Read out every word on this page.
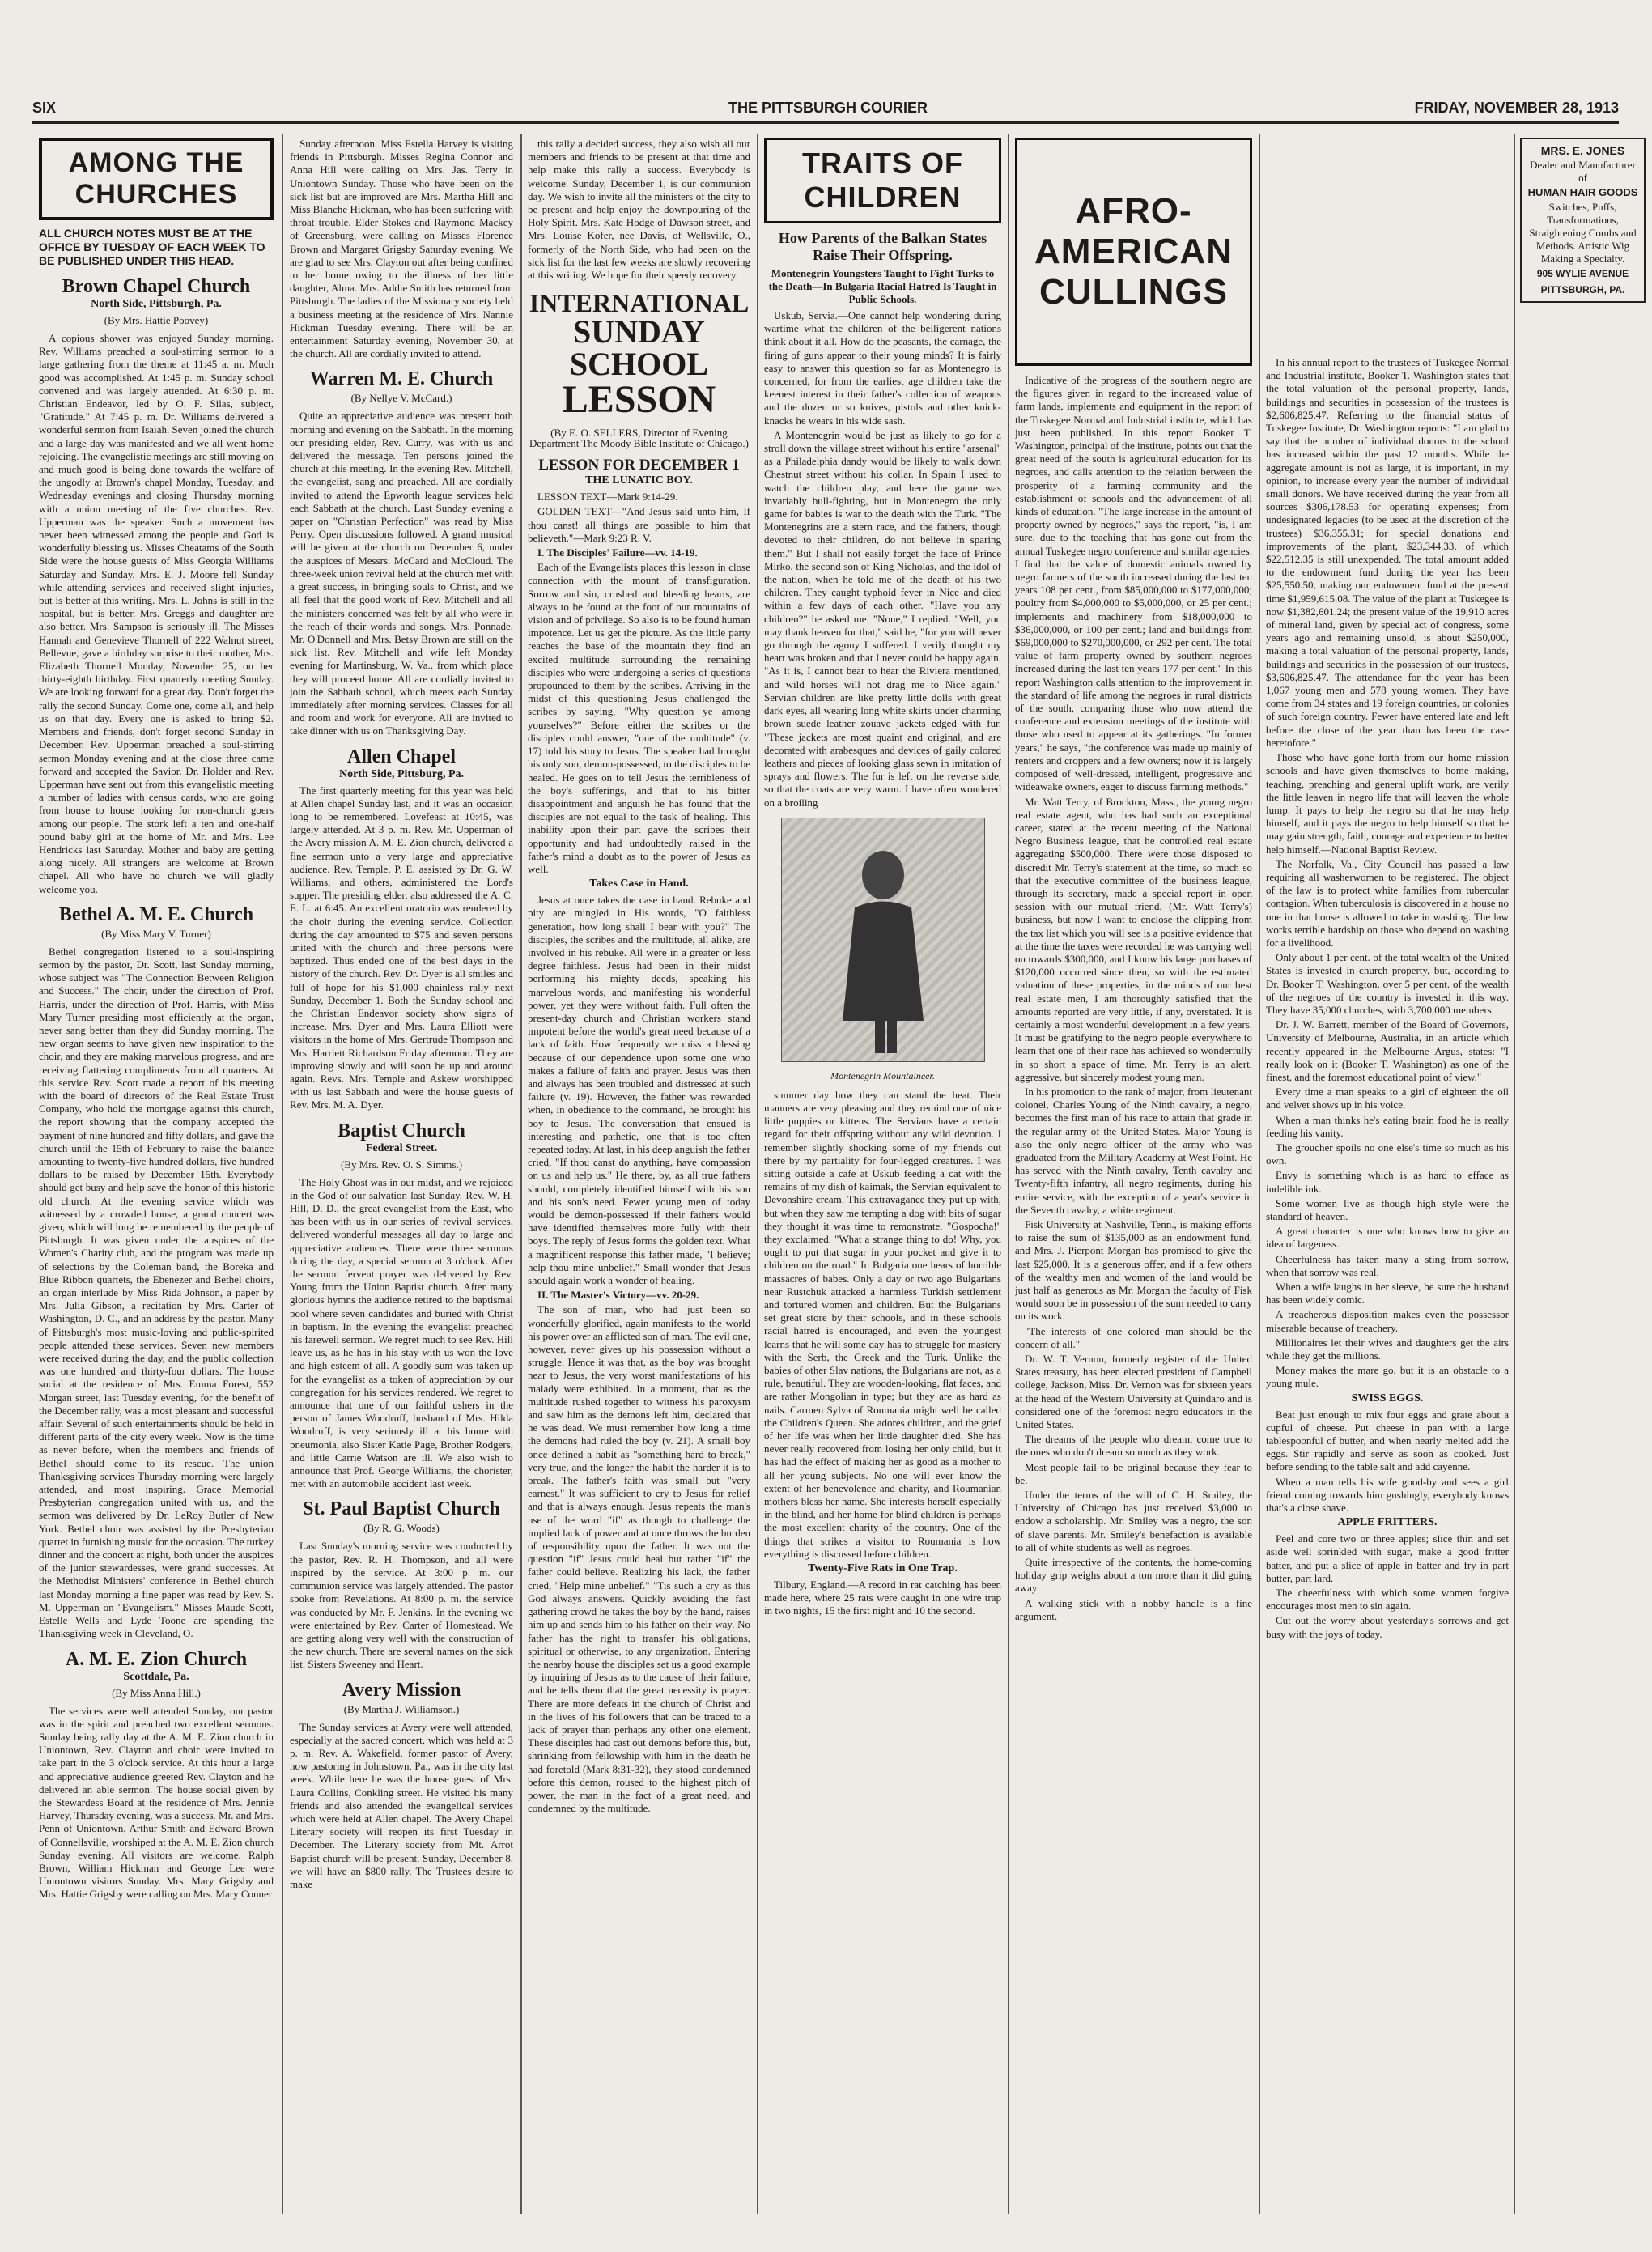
SIX	THE PITTSBURGH COURIER	FRIDAY, NOVEMBER 28, 1913
AMONG THE CHURCHES
ALL CHURCH NOTES MUST BE AT THE OFFICE BY TUESDAY OF EACH WEEK TO BE PUBLISHED UNDER THIS HEAD.
Brown Chapel Church
North Side, Pittsburgh, Pa.
(By Mrs. Hattie Poovey)

A copious shower was enjoyed Sunday morning. Rev. Williams preached a soul-stirring sermon to a large gathering from the theme at 11:45 a. m. Much good was accomplished. At 1:45 p. m. Sunday school convened and was largely attended. At 6:30 p. m. Christian Endeavor, led by O. F. Silas, subject, "Gratitude." At 7:45 p. m. Dr. Williams delivered a wonderful sermon from Isaiah. Seven joined the church and a large day was manifested and we all went home rejoicing. The evangelistic meetings are still moving on and much good is being done towards the welfare of the ungodly at Brown's chapel Monday, Tuesday, and Wednesday evenings and closing Thursday morning with a union meeting of the five churches. Rev. Upperman was the speaker. Such a movement has never been witnessed among the people and God is wonderfully blessing us. Misses Cheatams of the South Side were the house guests of Miss Georgia Williams Saturday and Sunday. Mrs. E. J. Moore fell Sunday while attending services and received slight injuries, but is better at this writing. Mrs. L. Johns is still in the hospital, but is better. Mrs. Greggs and daughter are also better. Mrs. Sampson is seriously ill. The Misses Hannah and Genevieve Thornell of 222 Walnut street, Bellevue, gave a birthday surprise to their mother, Mrs. Elizabeth Thornell Monday, November 25, on her thirty-eighth birthday. First quarterly meeting Sunday. We are looking forward for a great day. Don't forget the rally the second Sunday. Come one, come all, and help us on that day. Every one is asked to bring $2. Members and friends, don't forget second Sunday in December. Rev. Upperman preached a soul-stirring sermon Monday evening and at the close three came forward and accepted the Savior. Dr. Holder and Rev. Upperman have sent out from this evangelistic meeting a number of ladies with census cards, who are going from house to house looking for non-church goers among our people. The stork left a ten and one-half pound baby girl at the home of Mr. and Mrs. Lee Hendricks last Saturday. Mother and baby are getting along nicely. All strangers are welcome at Brown chapel. All who have no church we will gladly welcome you.

Bethel A. M. E. Church
(By Miss Mary V. Turner)

Bethel congregation listened to a soul-inspiring sermon by the pastor, Dr. Scott, last Sunday morning, whose subject was "The Connection Between Religion and Success." The choir, under the direction of Prof. Harris, under the direction of Prof. Harris, with Miss Mary Turner presiding most efficiently at the organ, never sang better than they did Sunday morning. The new organ seems to have given new inspiration to the choir, and they are making marvelous progress, and are receiving flattering compliments from all quarters. At this service Rev. Scott made a report of his meeting with the board of directors of the Real Estate Trust Company, who hold the mortgage against this church, the report showing that the company accepted the payment of nine hundred and fifty dollars, and gave the church until the 15th of February to raise the balance amounting to twenty-five hundred dollars, five hundred dollars to be raised by December 15th. Everybody should get busy and help save the honor of this historic old church. At the evening service which was witnessed by a crowded house, a grand concert was given, which will long be remembered by the people of Pittsburgh. It was given under the auspices of the Women's Charity club, and the program was made up of selections by the Coleman band, the Boreka and Blue Ribbon quartets, the Ebenezer and Bethel choirs, an organ interlude by Miss Rida Johnson, a paper by Mrs. Julia Gibson, a recitation by Mrs. Carter of Washington, D. C., and an address by the pastor. Many of Pittsburgh's most music-loving and public-spirited people attended these services. Seven new members were received during the day, and the public collection was one hundred and thirty-four dollars. The house social at the residence of Mrs. Emma Forest, 552 Morgan street, last Tuesday evening, for the benefit of the December rally, was a most pleasant and successful affair. Several of such entertainments should be held in different parts of the city every week. Now is the time as never before, when the members and friends of Bethel should come to its rescue. The union Thanksgiving services Thursday morning were largely attended, and most inspiring. Grace Memorial Presbyterian congregation united with us, and the sermon was delivered by Dr. LeRoy Butler of New York. Bethel choir was assisted by the Presbyterian quartet in furnishing music for the occasion. The turkey dinner and the concert at night, both under the auspices of the junior stewardesses, were grand successes. At the Methodist Ministers' conference in Bethel church last Monday morning a fine paper was read by Rev. S. M. Upperman on "Evangelism." Misses Maude Scott, Estelle Wells and Lyde Toone are spending the Thanksgiving week in Cleveland, O.

A. M. E. Zion Church
Scottdale, Pa.
(By Miss Anna Hill.)

The services were well attended Sunday, our pastor was in the spirit and preached two excellent sermons. Sunday being rally day at the A. M. E. Zion church in Uniontown, Rev. Clayton and choir were invited to take part in the 3 o'clock service. At this hour a large and appreciative audience greeted Rev. Clayton and he delivered an able sermon. The house social given by the Stewardess Board at the residence of Mrs. Jennie Harvey, Thursday evening, was a success. Mr. and Mrs. Penn of Uniontown, Arthur Smith and Edward Brown of Connellsville, worshiped at the A. M. E. Zion church Sunday evening. All visitors are welcome. Ralph Brown, William Hickman and George Lee were Uniontown visitors Sunday. Mrs. Mary Grigsby and Mrs. Hattie Grigsby were calling on Mrs. Mary Conner

Sunday afternoon. Miss Estella Harvey is visiting friends in Pittsburgh. Misses Regina Connor and Anna Hill were calling on Mrs. Jas. Terry in Uniontown Sunday. Those who have been on the sick list but are improved are Mrs. Martha Hill and Miss Blanche Hickman, who has been suffering with throat trouble. Elder Stokes and Raymond Mackey of Greensburg, were calling on Misses Florence Brown and Margaret Grigsby Saturday evening. We are glad to see Mrs. Clayton out after being confined to her home owing to the illness of her little daughter, Alma. Mrs. Addie Smith has returned from Pittsburgh. The ladies of the Missionary society held a business meeting at the residence of Mrs. Nannie Hickman Tuesday evening. There will be an entertainment Saturday evening, November 30, at the church. All are cordially invited to attend.

Warren M. E. Church
(By Nellye V. McCard.)

Quite an appreciative audience was present both morning and evening on the Sabbath. In the morning our presiding elder, Rev. Curry, was with us and delivered the message. Ten persons joined the church at this meeting. In the evening Rev. Mitchell, the evangelist, sang and preached. All are cordially invited to attend the Epworth league services held each Sabbath at the church. Last Sunday evening a paper on "Christian Perfection" was read by Miss Perry. Open discussions followed. A grand musical will be given at the church on December 6, under the auspices of Messrs. McCard and McCloud. The three-week union revival held at the church met with a great success, in bringing souls to Christ, and we all feel that the good work of Rev. Mitchell and all the ministers concerned was felt by all who were in the reach of their words and songs. Mrs. Ponnade, Mr. O'Donnell and Mrs. Betsy Brown are still on the sick list. Rev. Mitchell and wife left Monday evening for Martinsburg, W. Va., from which place they will proceed home. All are cordially invited to join the Sabbath school, which meets each Sunday immediately after morning services. Classes for all and room and work for everyone. All are invited to take dinner with us on Thanksgiving Day.

Allen Chapel
North Side, Pittsburg, Pa.

The first quarterly meeting for this year was held at Allen chapel Sunday last, and it was an occasion long to be remembered. Lovefeast at 10:45, was largely attended. At 3 p. m. Rev. Mr. Upperman of the Avery mission A. M. E. Zion church, delivered a fine sermon unto a very large and appreciative audience. Rev. Temple, P. E. assisted by Dr. G. W. Williams, and others, administered the Lord's supper. The presiding elder, also addressed the A. C. E. L. at 6:45. An excellent oratorio was rendered by the choir during the evening service. Collection during the day amounted to $75 and seven persons united with the church and three persons were baptized. Thus ended one of the best days in the history of the church. Rev. Dr. Dyer is all smiles and full of hope for his $1,000 chainless rally next Sunday, December 1. Both the Sunday school and the Christian Endeavor society show signs of increase. Mrs. Dyer and Mrs. Laura Elliott were visitors in the home of Mrs. Gertrude Thompson and Mrs. Harriett Richardson Friday afternoon. They are improving slowly and will soon be up and around again. Revs. Mrs. Temple and Askew worshipped with us last Sabbath and were the house guests of Rev. Mrs. M. A. Dyer.

Baptist Church
Federal Street.
(By Mrs. Rev. O. S. Simms.)

The Holy Ghost was in our midst, and we rejoiced in the God of our salvation last Sunday. Rev. W. H. Hill, D. D., the great evangelist from the East, who has been with us in our series of revival services, delivered wonderful messages all day to large and appreciative audiences. There were three sermons during the day, a special sermon at 3 o'clock. After the sermon fervent prayer was delivered by Rev. Young from the Union Baptist church. After many glorious hymns the audience retired to the baptismal pool where seven candidates and buried with Christ in baptism. In the evening the evangelist preached his farewell sermon. We regret much to see Rev. Hill leave us, as he has in his stay with us won the love and high esteem of all. A goodly sum was taken up for the evangelist as a token of appreciation by our congregation for his services rendered. We regret to announce that one of our faithful ushers in the person of James Woodruff, husband of Mrs. Hilda Woodruff, is very seriously ill at his home with pneumonia, also Sister Katie Page, Brother Rodgers, and little Carrie Watson are ill. We also wish to announce that Prof. George Williams, the chorister, met with an automobile accident last week.

St. Paul Baptist Church
(By R. G. Woods)

Last Sunday's morning service was conducted by the pastor, Rev. R. H. Thompson, and all were inspired by the service. At 3:00 p. m. our communion service was largely attended. The pastor spoke from Revelations. At 8:00 p. m. the service was conducted by Mr. F. Jenkins. In the evening we were entertained by Rev. Carter of Homestead. We are getting along very well with the construction of the new church. There are several names on the sick list. Sisters Sweeney and Heart.

Avery Mission
(By Martha J. Williamson.)

The Sunday services at Avery were well attended, especially at the sacred concert, which was held at 3 p. m. Rev. A. Wakefield, former pastor of Avery, now pastoring in Johnstown, Pa., was in the city last week. While here he was the house guest of Mrs. Laura Collins, Conkling street. He visited his many friends and also attended the evangelical services which were held at Allen chapel. The Avery Chapel Literary society will reopen its first Tuesday in December. The Literary society from Mt. Arrot Baptist church will be present. Sunday, December 8, we will have an $800 rally. The Trustees desire to make

this rally a decided success, they also wish all our members and friends to be present at that time and help make this rally a success. Everybody is welcome. Sunday, December 1, is our communion day. We wish to invite all the ministers of the city to be present and help enjoy the downpouring of the Holy Spirit. Mrs. Kate Hodge of Dawson street, and Mrs. Louise Kofer, nee Davis, of Wellsville, O., formerly of the North Side, who had been on the sick list for the last few weeks are slowly recovering at this writing. We hope for their speedy recovery.

INTERNATIONAL
SUNDAY SCHOOL
LESSON
(By E. O. SELLERS, Director of Evening Department The Moody Bible Institute of Chicago.)
LESSON FOR DECEMBER 1
THE LUNATIC BOY.

LESSON TEXT—Mark 9:14-29.

GOLDEN TEXT—"And Jesus said unto him, If thou canst! all things are possible to him that believeth."—Mark 9:23 R. V.

I. The Disciples' Failure—vv. 14-19.

Each of the Evangelists places this lesson in close connection with the mount of transfiguration. Sorrow and sin, crushed and bleeding hearts, are always to be found at the foot of our mountains of vision and of privilege. So also is to be found human impotence. Let us get the picture. As the little party reaches the base of the mountain they find an excited multitude surrounding the remaining disciples who were undergoing a series of questions propounded to them by the scribes. Arriving in the midst of this questioning Jesus challenged the scribes by saying, "Why question ye among yourselves?" Before either the scribes or the disciples could answer, "one of the multitude" (v. 17) told his story to Jesus. The speaker had brought his only son, demon-possessed, to the disciples to be healed. He goes on to tell Jesus the terribleness of the boy's sufferings, and that to his bitter disappointment and anguish he has found that the disciples are not equal to the task of healing. This inability upon their part gave the scribes their opportunity and had undoubtedly raised in the father's mind a doubt as to the power of Jesus as well.

Takes Case in Hand.

Jesus at once takes the case in hand. Rebuke and pity are mingled in His words, "O faithless generation, how long shall I bear with you?" The disciples, the scribes and the multitude, all alike, are involved in his rebuke. All were in a greater or less degree faithless. Jesus had been in their midst performing his mighty deeds, speaking his marvelous words, and manifesting his wonderful power, yet they were without faith. Full often the present-day church and Christian workers stand impotent before the world's great need because of a lack of faith. How frequently we miss a blessing because of our dependence upon some one who makes a failure of faith and prayer. Jesus was then and always has been troubled and distressed at such failure (v. 19). However, the father was rewarded when, in obedience to the command, he brought his boy to Jesus. The conversation that ensued is interesting and pathetic, one that is too often repeated today. At last, in his deep anguish the father cried, "If thou canst do anything, have compassion on us and help us." He there, by, as all true fathers should, completely identified himself with his son and his son's need. Fewer young men of today would be demon-possessed if their fathers would have identified themselves more fully with their boys. The reply of Jesus forms the golden text. What a magnificent response this father made, "I believe; help thou mine unbelief." Small wonder that Jesus should again work a wonder of healing.

II. The Master's Victory—vv. 20-29.

The son of man, who had just been so wonderfully glorified, again manifests to the world his power over an afflicted son of man. The evil one, however, never gives up his possession without a struggle. Hence it was that, as the boy was brought near to Jesus, the very worst manifestations of his malady were exhibited. In a moment, that as the multitude rushed together to witness his paroxysm and saw him as the demons left him, declared that he was dead. We must remember how long a time the demons had ruled the boy (v. 21). A small boy once defined a habit as "something hard to break," very true, and the longer the habit the harder it is to break. The father's faith was small but "very earnest." It was sufficient to cry to Jesus for relief and that is always enough. Jesus repeats the man's use of the word "if" as though to challenge the implied lack of power and at once throws the burden of responsibility upon the father. It was not the question "if" Jesus could heal but rather "if" the father could believe. Realizing his lack, the father cried, "Help mine unbelief." "Tis such a cry as this God always answers. Quickly avoiding the fast gathering crowd he takes the boy by the hand, raises him up and sends him to his father on their way. No father has the right to transfer his obligations, spiritual or otherwise, to any organization. Entering the nearby house the disciples set us a good example by inquiring of Jesus as to the cause of their failure, and he tells them that the great necessity is prayer. There are more defeats in the church of Christ and in the lives of his followers that can be traced to a lack of prayer than perhaps any other one element. These disciples had cast out demons before this, but, shrinking from fellowship with him in the death he had foretold (Mark 8:31-32), they stood condemned before this demon, roused to the highest pitch of power, the man in the fact of a great need, and condemned by the multitude.

TRAITS OF CHILDREN
How Parents of the Balkan States Raise Their Offspring.
Montenegrin Youngsters Taught to Fight Turks to the Death—In Bulgaria Racial Hatred Is Taught in Public Schools.

Uskub, Servia.—One cannot help wondering during wartime what the children of the belligerent nations think about it all. How do the peasants, the carnage, the firing of guns appear to their young minds? It is fairly easy to answer this question so far as Montenegro is concerned, for from the earliest age children take the keenest interest in their father's collection of weapons and the dozen or so knives, pistols and other knick-knacks he wears in his wide sash.

A Montenegrin would be just as likely to go for a stroll down the village street without his entire "arsenal" as a Philadelphia dandy would be likely to walk down Chestnut street without his collar. In Spain I used to watch the children play, and here the game was invariably bull-fighting, but in Montenegro the only game for babies is war to the death with the Turk. "The Montenegrins are a stern race, and the fathers, though devoted to their children, do not believe in sparing them." But I shall not easily forget the face of Prince Mirko, the second son of King Nicholas, and the idol of the nation, when he told me of the death of his two children. They caught typhoid fever in Nice and died within a few days of each other. "Have you any children?" he asked me. "None," I replied. "Well, you may thank heaven for that," said he, "for you will never go through the agony I suffered. I verily thought my heart was broken and that I never could be happy again. "As it is, I cannot bear to hear the Riviera mentioned, and wild horses will not drag me to Nice again." Servian children are like pretty little dolls with great dark eyes, all wearing long white skirts under charming brown suede leather zouave jackets edged with fur. "These jackets are most quaint and original, and are decorated with arabesques and devices of gaily colored leathers and pieces of looking glass sewn in imitation of sprays and flowers. The fur is left on the reverse side, so that the coats are very warm. I have often wondered on a broiling

Montenegrin Mountaineer.

summer day how they can stand the heat. Their manners are very pleasing and they remind one of nice little puppies or kittens. The Servians have a certain regard for their offspring without any wild devotion. I remember slightly shocking some of my friends out there by my partiality for four-legged creatures. I was sitting outside a cafe at Uskub feeding a cat with the remains of my dish of kaimak, the Servian equivalent to Devonshire cream. This extravagance they put up with, but when they saw me tempting a dog with bits of sugar they thought it was time to remonstrate. "Gospocha!" they exclaimed. "What a strange thing to do! Why, you ought to put that sugar in your pocket and give it to children on the road." In Bulgaria one hears of horrible massacres of babes. Only a day or two ago Bulgarians near Rustchuk attacked a harmless Turkish settlement and tortured women and children. But the Bulgarians set great store by their schools, and in these schools racial hatred is encouraged, and even the youngest learns that he will some day has to struggle for mastery with the Serb, the Greek and the Turk. Unlike the babies of other Slav nations, the Bulgarians are not, as a rule, beautiful. They are wooden-looking, flat faces, and are rather Mongolian in type; but they are as hard as nails. Carmen Sylva of Roumania might well be called the Children's Queen. She adores children, and the grief of her life was when her little daughter died. She has never really recovered from losing her only child, but it has had the effect of making her as good as a mother to all her young subjects. No one will ever know the extent of her benevolence and charity, and Roumanian mothers bless her name. She interests herself especially in the blind, and her home for blind children is perhaps the most excellent charity of the country. One of the things that strikes a visitor to Roumania is how everything is discussed before children.

Twenty-Five Rats in One Trap.

Tilbury, England.—A record in rat catching has been made here, where 25 rats were caught in one wire trap in two nights, 15 the first night and 10 the second.

AFRO-AMERICAN CULLINGS

Indicative of the progress of the southern negro are the figures given in regard to the increased value of farm lands, implements and equipment in the report of the Tuskegee Normal and Industrial institute, which has just been published. In this report Booker T. Washington, principal of the institute, points out that the great need of the south is agricultural education for its negroes, and calls attention to the relation between the prosperity of a farming community and the establishment of schools and the advancement of all kinds of education. "The large increase in the amount of property owned by negroes," says the report, "is, I am sure, due to the teaching that has gone out from the annual Tuskegee negro conference and similar agencies. I find that the value of domestic animals owned by negro farmers of the south increased during the last ten years 108 per cent., from $85,000,000 to $177,000,000; poultry from $4,000,000 to $5,000,000, or 25 per cent.; implements and machinery from $18,000,000 to $36,000,000, or 100 per cent.; land and buildings from $69,000,000 to $270,000,000, or 292 per cent. The total value of farm property owned by southern negroes increased during the last ten years 177 per cent." In this report Washington calls attention to the improvement in the standard of life among the negroes in rural districts of the south, comparing those who now attend the conference and extension meetings of the institute with those who used to appear at its gatherings. "In former years," he says, "the conference was made up mainly of renters and croppers and a few owners; now it is largely composed of well-dressed, intelligent, progressive and wideawake owners, eager to discuss farming methods."

Mr. Watt Terry, of Brockton, Mass., the young negro real estate agent, who has had such an exceptional career, stated at the recent meeting of the National Negro Business league, that he controlled real estate aggregating $500,000. There were those disposed to discredit Mr. Terry's statement at the time, so much so that the executive committee of the business league, through its secretary, made a special report in open session with our mutual friend, (Mr. Watt Terry's) business, but now I want to enclose the clipping from the tax list which you will see is a positive evidence that at the time the taxes were recorded he was carrying well on towards $300,000, and I know his large purchases of $120,000 occurred since then, so with the estimated valuation of these properties, in the minds of our best real estate men, I am thoroughly satisfied that the amounts reported are very little, if any, overstated. It is certainly a most wonderful development in a few years. It must be gratifying to the negro people everywhere to learn that one of their race has achieved so wonderfully in so short a space of time. Mr. Terry is an alert, aggressive, but sincerely modest young man.

In his promotion to the rank of major, from lieutenant colonel, Charles Young of the Ninth cavalry, a negro, becomes the first man of his race to attain that grade in the regular army of the United States. Major Young is also the only negro officer of the army who was graduated from the Military Academy at West Point. He has served with the Ninth cavalry, Tenth cavalry and Twenty-fifth infantry, all negro regiments, during his entire service, with the exception of a year's service in the Seventh cavalry, a white regiment.

Fisk University at Nashville, Tenn., is making efforts to raise the sum of $135,000 as an endowment fund, and Mrs. J. Pierpont Morgan has promised to give the last $25,000. It is a generous offer, and if a few others of the wealthy men and women of the land would be just half as generous as Mr. Morgan the faculty of Fisk would soon be in possession of the sum needed to carry on its work.

"The interests of one colored man should be the concern of all."

Dr. W. T. Vernon, formerly register of the United States treasury, has been elected president of Campbell college, Jackson, Miss. Dr. Vernon was for sixteen years at the head of the Western University at Quindaro and is considered one of the foremost negro educators in the United States.

The dreams of the people who dream, come true to the ones who don't dream so much as they work.

Most people fail to be original because they fear to be.

Under the terms of the will of C. H. Smiley, the University of Chicago has just received $3,000 to endow a scholarship. Mr. Smiley was a negro, the son of slave parents. Mr. Smiley's benefaction is available to all of white students as well as negroes.

Quite irrespective of the contents, the home-coming holiday grip weighs about a ton more than it did going away.

A walking stick with a nobby handle is a fine argument.

In his annual report to the trustees of Tuskegee Normal and Industrial institute, Booker T. Washington states that the total valuation of the personal property, lands, buildings and securities in possession of the trustees is $2,606,825.47. Referring to the financial status of Tuskegee Institute, Dr. Washington reports: "I am glad to say that the number of individual donors to the school has increased within the past 12 months. While the aggregate amount is not as large, it is important, in my opinion, to increase every year the number of individual small donors. We have received during the year from all sources $306,178.53 for operating expenses; from undesignated legacies (to be used at the discretion of the trustees) $36,355.31; for special donations and improvements of the plant, $23,344.33, of which $22,512.35 is still unexpended. The total amount added to the endowment fund during the year has been $25,550.50, making our endowment fund at the present time $1,959,615.08. The value of the plant at Tuskegee is now $1,382,601.24; the present value of the 19,910 acres of mineral land, given by special act of congress, some years ago and remaining unsold, is about $250,000, making a total valuation of the personal property, lands, buildings and securities in the possession of our trustees, $3,606,825.47. The attendance for the year has been 1,067 young men and 578 young women. They have come from 34 states and 19 foreign countries, or colonies of such foreign country. Fewer have entered late and left before the close of the year than has been the case heretofore."

Those who have gone forth from our home mission schools and have given themselves to home making, teaching, preaching and general uplift work, are verily the little leaven in negro life that will leaven the whole lump. It pays to help the negro so that he may help himself, and it pays the negro to help himself so that he may gain strength, faith, courage and experience to better help himself.—National Baptist Review.

The Norfolk, Va., City Council has passed a law requiring all washerwomen to be registered. The object of the law is to protect white families from tubercular contagion. When tuberculosis is discovered in a house no one in that house is allowed to take in washing. The law works terrible hardship on those who depend on washing for a livelihood.

Only about 1 per cent. of the total wealth of the United States is invested in church property, but, according to Dr. Booker T. Washington, over 5 per cent. of the wealth of the negroes of the country is invested in this way. They have 35,000 churches, with 3,700,000 members.

Dr. J. W. Barrett, member of the Board of Governors, University of Melbourne, Australia, in an article which recently appeared in the Melbourne Argus, states: "I really look on it (Booker T. Washington) as one of the finest, and the foremost educational point of view."

Every time a man speaks to a girl of eighteen the oil and velvet shows up in his voice.

When a man thinks he's eating brain food he is really feeding his vanity.

The groucher spoils no one else's time so much as his own.

Envy is something which is as hard to efface as indelible ink.

Some women live as though high style were the standard of heaven.

A great character is one who knows how to give an idea of largeness.

Cheerfulness has taken many a sting from sorrow, when that sorrow was real.

When a wife laughs in her sleeve, be sure the husband has been widely comic.

A treacherous disposition makes even the possessor miserable because of treachery.

Millionaires let their wives and daughters get the airs while they get the millions.

Money makes the mare go, but it is an obstacle to a young mule.

SWISS EGGS.

Beat just enough to mix four eggs and grate about a cupful of cheese. Put cheese in pan with a large tablespoonful of butter, and when nearly melted add the eggs. Stir rapidly and serve as soon as cooked. Just before sending to the table salt and add cayenne.

When a man tells his wife good-by and sees a girl friend coming towards him gushingly, everybody knows that's a close shave.

APPLE FRITTERS.

Peel and core two or three apples; slice thin and set aside well sprinkled with sugar, make a good fritter batter, and put a slice of apple in batter and fry in part butter, part lard.

The cheerfulness with which some women forgive encourages most men to sin again.

Cut out the worry about yesterday's sorrows and get busy with the joys of today.

MRS. E. JONES
Dealer and Manufacturer of
HUMAN HAIR GOODS
Switches, Puffs, Transformations, Straightening Combs and Methods. Artistic Wig Making a Specialty.
905 WYLIE AVENUE
PITTSBURGH, PA.
